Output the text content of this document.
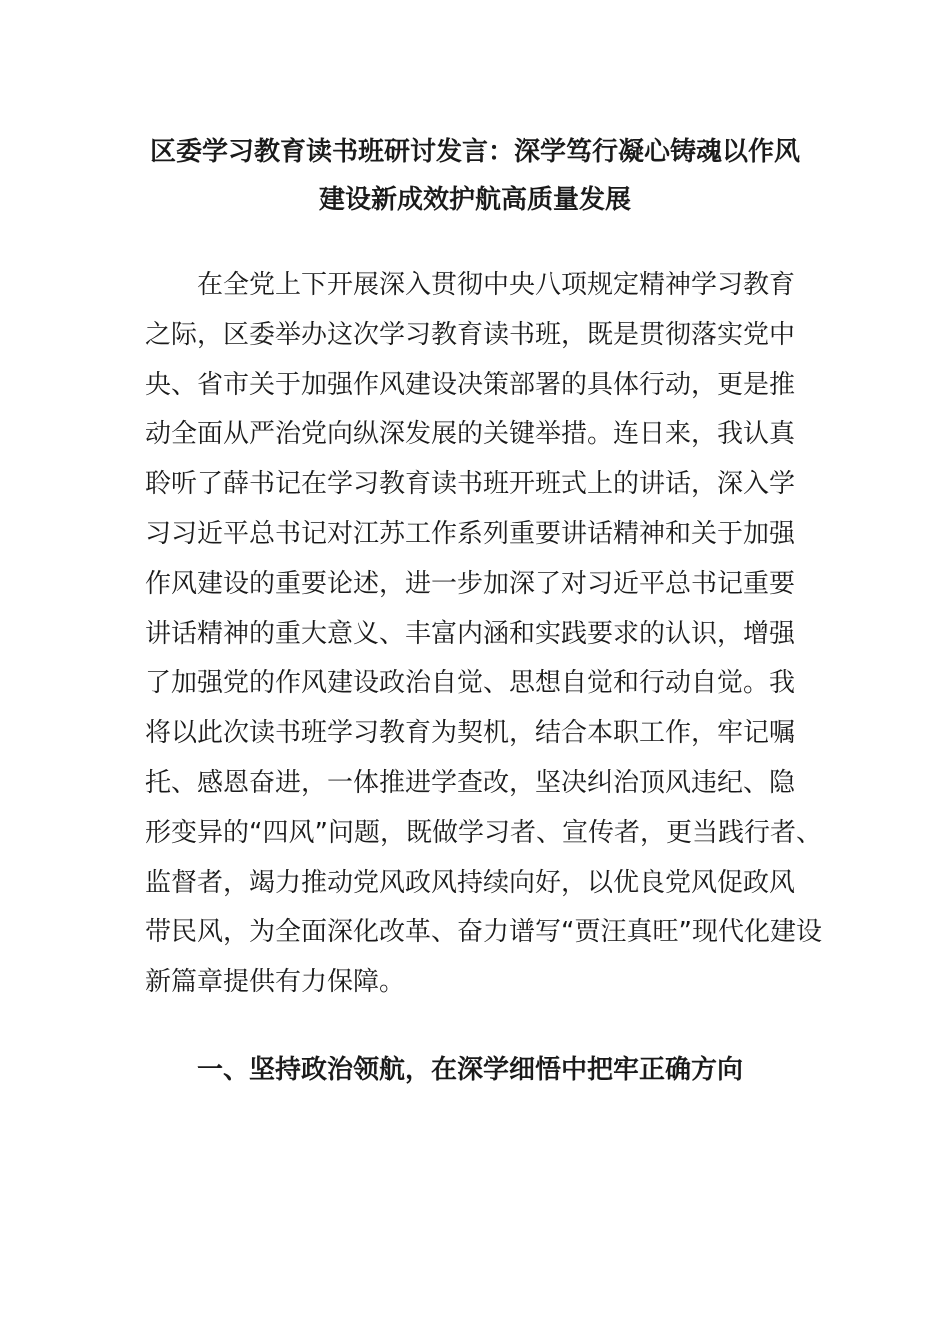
区委学习教育读书班研讨发言：深学笃行凝心铸魂以作风
建设新成效护航高质量发展
在全党上下开展深入贯彻中央八项规定精神学习教育
之际，区委举办这次学习教育读书班，既是贯彻落实党中
央、省市关于加强作风建设决策部署的具体行动，更是推
动全面从严治党向纵深发展的关键举措。连日来，我认真
聆听了薛书记在学习教育读书班开班式上的讲话，深入学
习习近平总书记对江苏工作系列重要讲话精神和关于加强
作风建设的重要论述，进一步加深了对习近平总书记重要
讲话精神的重大意义、丰富内涵和实践要求的认识，增强
了加强党的作风建设政治自觉、思想自觉和行动自觉。我
将以此次读书班学习教育为契机，结合本职工作，牢记嘱
托、感恩奋进，一体推进学查改，坚决纠治顶风违纪、隐
形变异的“四风”问题，既做学习者、宣传者，更当践行者、
监督者，竭力推动党风政风持续向好，以优良党风促政风
带民风，为全面深化改革、奋力谱写“贾汪真旺”现代化建设
新篇章提供有力保障。
一、坚持政治领航，在深学细悟中把牢正确方向
